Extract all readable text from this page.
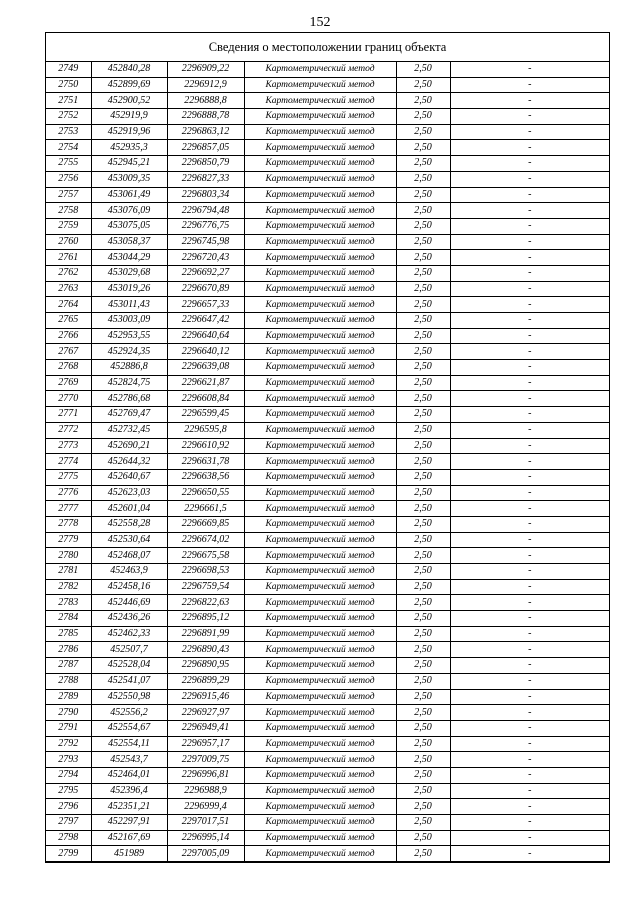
152
Сведения о местоположении границ объекта
2749	452840,28	2296909,22	Картометрический метод	2,50	-
2750	452899,69	2296912,9	Картометрический метод	2,50	-
2751	452900,52	2296888,8	Картометрический метод	2,50	-
2752	452919,9	2296888,78	Картометрический метод	2,50	-
2753	452919,96	2296863,12	Картометрический метод	2,50	-
2754	452935,3	2296857,05	Картометрический метод	2,50	-
2755	452945,21	2296850,79	Картометрический метод	2,50	-
2756	453009,35	2296827,33	Картометрический метод	2,50	-
2757	453061,49	2296803,34	Картометрический метод	2,50	-
2758	453076,09	2296794,48	Картометрический метод	2,50	-
2759	453075,05	2296776,75	Картометрический метод	2,50	-
2760	453058,37	2296745,98	Картометрический метод	2,50	-
2761	453044,29	2296720,43	Картометрический метод	2,50	-
2762	453029,68	2296692,27	Картометрический метод	2,50	-
2763	453019,26	2296670,89	Картометрический метод	2,50	-
2764	453011,43	2296657,33	Картометрический метод	2,50	-
2765	453003,09	2296647,42	Картометрический метод	2,50	-
2766	452953,55	2296640,64	Картометрический метод	2,50	-
2767	452924,35	2296640,12	Картометрический метод	2,50	-
2768	452886,8	2296639,08	Картометрический метод	2,50	-
2769	452824,75	2296621,87	Картометрический метод	2,50	-
2770	452786,68	2296608,84	Картометрический метод	2,50	-
2771	452769,47	2296599,45	Картометрический метод	2,50	-
2772	452732,45	2296595,8	Картометрический метод	2,50	-
2773	452690,21	2296610,92	Картометрический метод	2,50	-
2774	452644,32	2296631,78	Картометрический метод	2,50	-
2775	452640,67	2296638,56	Картометрический метод	2,50	-
2776	452623,03	2296650,55	Картометрический метод	2,50	-
2777	452601,04	2296661,5	Картометрический метод	2,50	-
2778	452558,28	2296669,85	Картометрический метод	2,50	-
2779	452530,64	2296674,02	Картометрический метод	2,50	-
2780	452468,07	2296675,58	Картометрический метод	2,50	-
2781	452463,9	2296698,53	Картометрический метод	2,50	-
2782	452458,16	2296759,54	Картометрический метод	2,50	-
2783	452446,69	2296822,63	Картометрический метод	2,50	-
2784	452436,26	2296895,12	Картометрический метод	2,50	-
2785	452462,33	2296891,99	Картометрический метод	2,50	-
2786	452507,7	2296890,43	Картометрический метод	2,50	-
2787	452528,04	2296890,95	Картометрический метод	2,50	-
2788	452541,07	2296899,29	Картометрический метод	2,50	-
2789	452550,98	2296915,46	Картометрический метод	2,50	-
2790	452556,2	2296927,97	Картометрический метод	2,50	-
2791	452554,67	2296949,41	Картометрический метод	2,50	-
2792	452554,11	2296957,17	Картометрический метод	2,50	-
2793	452543,7	2297009,75	Картометрический метод	2,50	-
2794	452464,01	2296996,81	Картометрический метод	2,50	-
2795	452396,4	2296988,9	Картометрический метод	2,50	-
2796	452351,21	2296999,4	Картометрический метод	2,50	-
2797	452297,91	2297017,51	Картометрический метод	2,50	-
2798	452167,69	2296995,14	Картометрический метод	2,50	-
2799	451989	2297005,09	Картометрический метод	2,50	-
